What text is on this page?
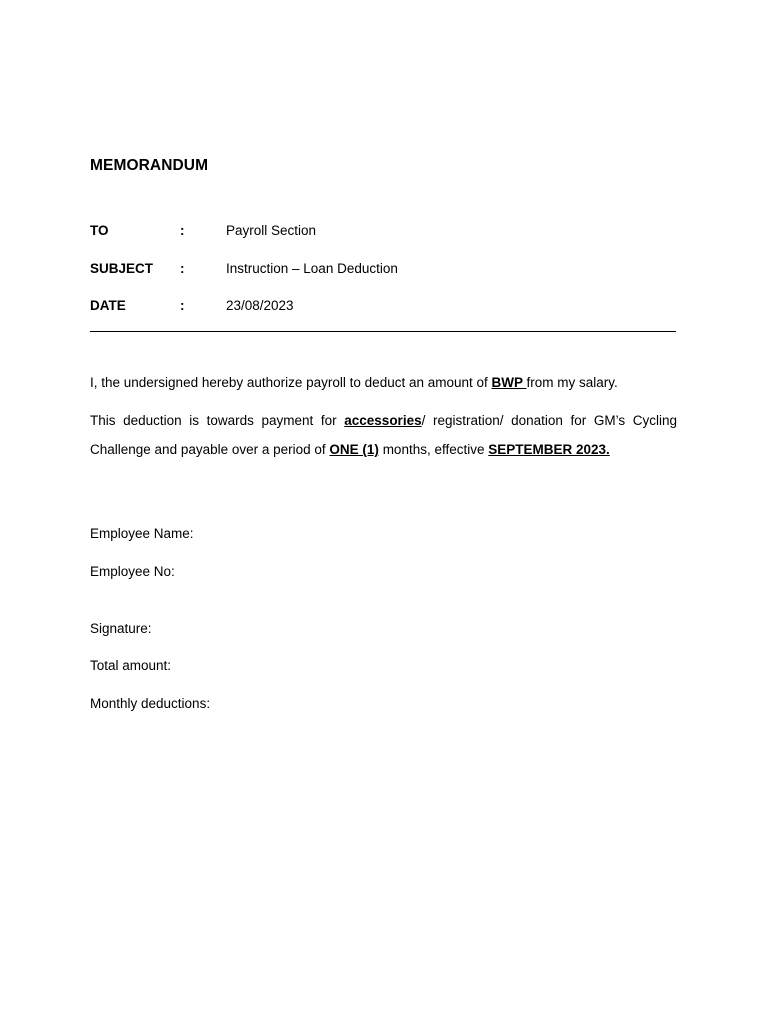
MEMORANDUM
TO	:	Payroll Section
SUBJECT :	Instruction – Loan Deduction
DATE	:	23/08/2023
I, the undersigned hereby authorize payroll to deduct an amount of BWP from my salary.
This deduction is towards payment for accessories/ registration/ donation for GM’s Cycling Challenge and payable over a period of ONE (1) months, effective SEPTEMBER 2023.
Employee Name:
Employee No:
Signature:
Total amount:
Monthly deductions:
